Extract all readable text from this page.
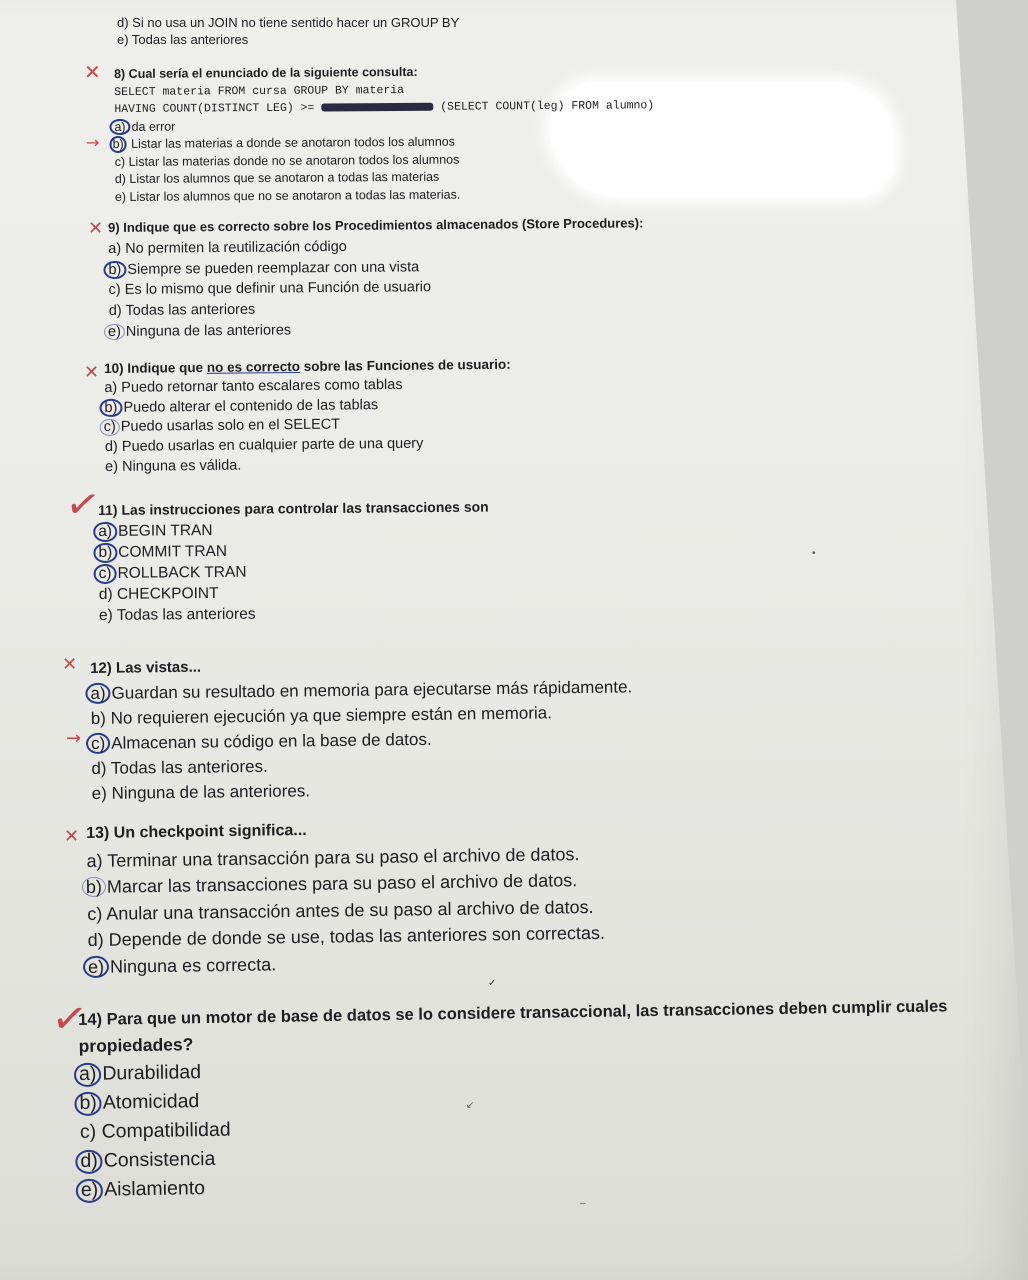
d) Si no usa un JOIN no tiene sentido hacer un GROUP BY
e) Todas las anteriores
✕ 8) Cual sería el enunciado de la siguiente consulta:
SELECT materia FROM cursa GROUP BY materia
HAVING COUNT(DISTINCT LEG) >=	(SELECT COUNT(leg) FROM alumno)
a) da error
b) Listar las materias a donde se anotaron todos los alumnos
c) Listar las materias donde no se anotaron todos los alumnos
d) Listar los alumnos que se anotaron a todas las materias
e) Listar los alumnos que no se anotaron a todas las materias.
→
✕ 9) Indique que es correcto sobre los Procedimientos almacenados (Store Procedures):
a) No permiten la reutilización código
b) Siempre se pueden reemplazar con una vista
c) Es lo mismo que definir una Función de usuario
d) Todas las anteriores
e) Ninguna de las anteriores
✕ 10) Indique que no es correcto sobre las Funciones de usuario:
a) Puedo retornar tanto escalares como tablas
b) Puedo alterar el contenido de las tablas
c) Puedo usarlas solo en el SELECT
d) Puedo usarlas en cualquier parte de una query
e) Ninguna es válida.
✓
11) Las instrucciones para controlar las transacciones son
a) BEGIN TRAN
b) COMMIT TRAN
c) ROLLBACK TRAN
d) CHECKPOINT
e) Todas las anteriores
•
✕ 12) Las vistas...
a) Guardan su resultado en memoria para ejecutarse más rápidamente.
b) No requieren ejecución ya que siempre están en memoria.
c) Almacenan su código en la base de datos.
d) Todas las anteriores.
e) Ninguna de las anteriores.
→
✕ 13) Un checkpoint significa...
a) Terminar una transacción para su paso el archivo de datos.
b) Marcar las transacciones para su paso el archivo de datos.
c) Anular una transacción antes de su paso al archivo de datos.
d) Depende de donde se use, todas las anteriores son correctas.
e) Ninguna es correcta.
✓
✓
14) Para que un motor de base de datos se lo considere transaccional, las transacciones deben cumplir cuales
propiedades?
a) Durabilidad
b) Atomicidad
c) Compatibilidad
d) Consistencia
e) Aislamiento
↙
–
